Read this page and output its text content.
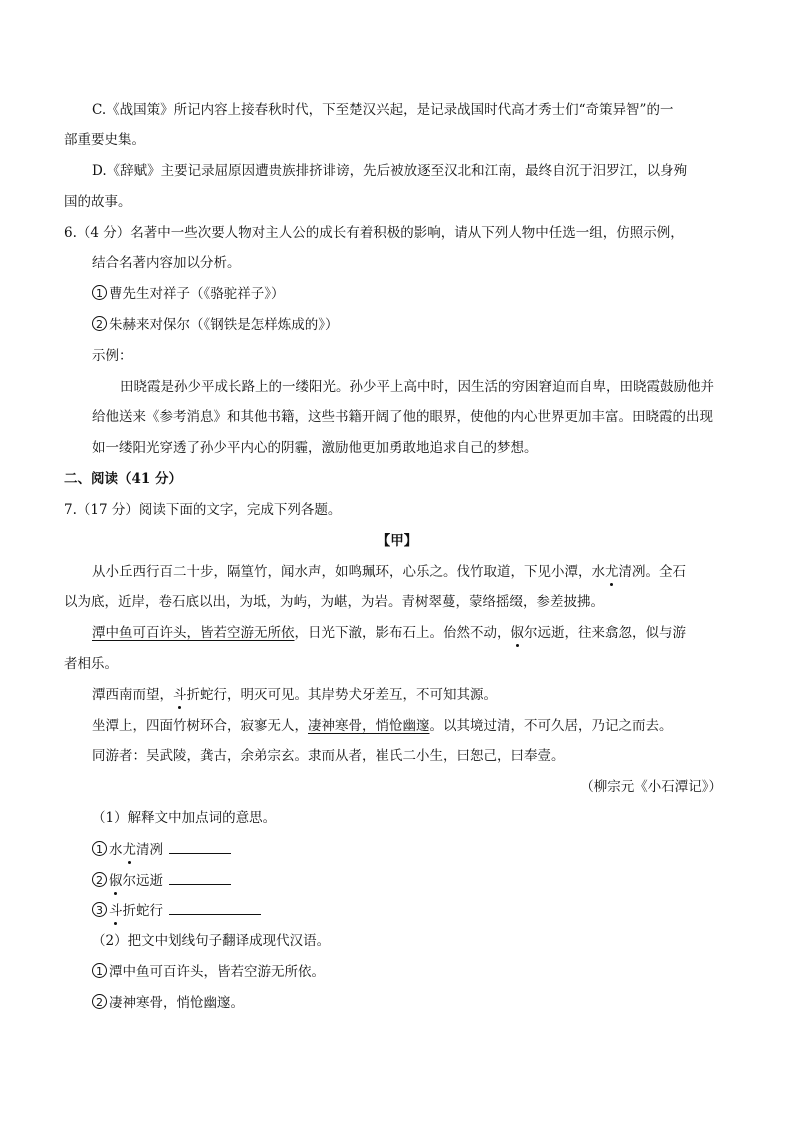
C.《战国策》所记内容上接春秋时代，下至楚汉兴起，是记录战国时代高才秀士们“奇策异智”的一
部重要史集。
D.《辞赋》主要记录屈原因遭贵族排挤诽谤，先后被放逐至汉北和江南，最终自沉于汨罗江，以身殉
国的故事。
6.（4 分）名著中一些次要人物对主人公的成长有着积极的影响，请从下列人物中任选一组，仿照示例，
结合名著内容加以分析。
1 曹先生对祥子（《骆驼祥子》）
2 朱赫来对保尔（《钢铁是怎样炼成的》）
示例：
田晓霞是孙少平成长路上的一缕阳光。孙少平上高中时，因生活的穷困窘迫而自卑，田晓霞鼓励他并
给他送来《参考消息》和其他书籍，这些书籍开阔了他的眼界，使他的内心世界更加丰富。田晓霞的出现
如一缕阳光穿透了孙少平内心的阴霾，激励他更加勇敢地追求自己的梦想。
二、阅读（41 分）
7.（17 分）阅读下面的文字，完成下列各题。
【甲】
从小丘西行百二十步，隔篁竹，闻水声，如鸣珮环，心乐之。伐竹取道，下见小潭，水尤清冽。全石
以为底，近岸，卷石底以出，为坻，为屿，为嵁，为岩。青树翠蔓，蒙络摇缀，参差披拂。
潭中鱼可百许头，皆若空游无所依，日光下澈，影布石上。佁然不动，俶尔远逝，往来翕忽，似与游
者相乐。
潭西南而望，斗折蛇行，明灭可见。其岸势犬牙差互，不可知其源。
坐潭上，四面竹树环合，寂寥无人，凄神寒骨，悄怆幽邃。以其境过清，不可久居，乃记之而去。
同游者：吴武陵，龚古，余弟宗玄。隶而从者，崔氏二小生，曰恕己，曰奉壹。
（柳宗元《小石潭记》）
（1）解释文中加点词的意思。
1 水尤清冽
2 俶尔远逝
3 斗折蛇行
（2）把文中划线句子翻译成现代汉语。
1 潭中鱼可百许头，皆若空游无所依。
2 凄神寒骨，悄怆幽邃。
